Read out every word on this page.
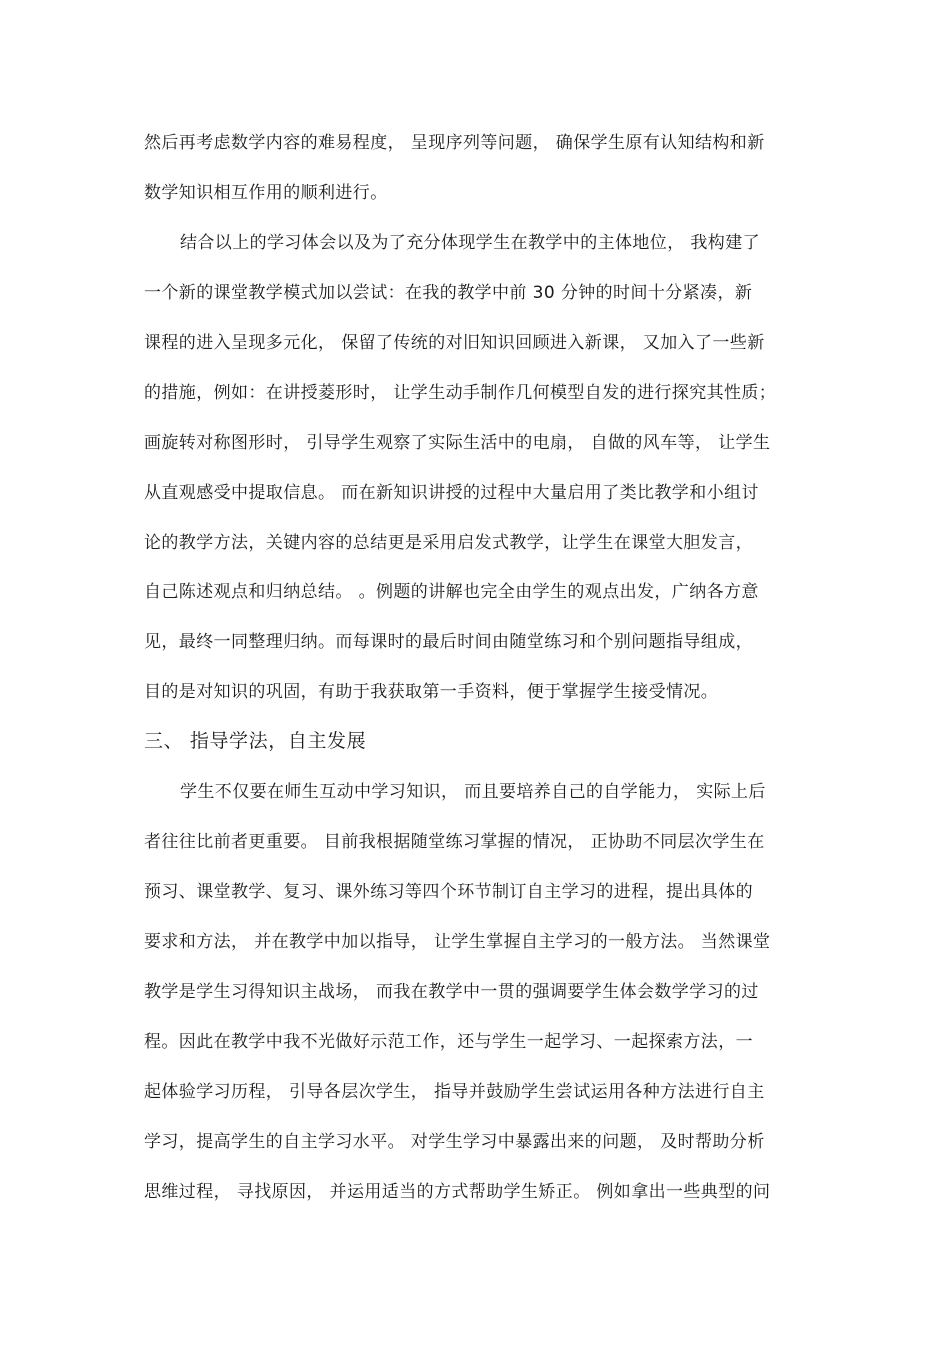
然后再考虑数学内容的难易程度， 呈现序列等问题， 确保学生原有认知结构和新
数学知识相互作用的顺利进行。
结合以上的学习体会以及为了充分体现学生在教学中的主体地位， 我构建了
一个新的课堂教学模式加以尝试：在我的教学中前 30 分钟的时间十分紧凑，新
课程的进入呈现多元化， 保留了传统的对旧知识回顾进入新课， 又加入了一些新
的措施，例如：在讲授菱形时， 让学生动手制作几何模型自发的进行探究其性质；
画旋转对称图形时， 引导学生观察了实际生活中的电扇， 自做的风车等， 让学生
从直观感受中提取信息。 而在新知识讲授的过程中大量启用了类比教学和小组讨
论的教学方法，关键内容的总结更是采用启发式教学，让学生在课堂大胆发言，
自己陈述观点和归纳总结。 。例题的讲解也完全由学生的观点出发，广纳各方意
见，最终一同整理归纳。而每课时的最后时间由随堂练习和个别问题指导组成，
目的是对知识的巩固，有助于我获取第一手资料，便于掌握学生接受情况。
三、 指导学法，自主发展
学生不仅要在师生互动中学习知识， 而且要培养自己的自学能力， 实际上后
者往往比前者更重要。 目前我根据随堂练习掌握的情况， 正协助不同层次学生在
预习、课堂教学、复习、课外练习等四个环节制订自主学习的进程，提出具体的
要求和方法， 并在教学中加以指导， 让学生掌握自主学习的一般方法。 当然课堂
教学是学生习得知识主战场， 而我在教学中一贯的强调要学生体会数学学习的过
程。因此在教学中我不光做好示范工作，还与学生一起学习、一起探索方法，一
起体验学习历程， 引导各层次学生， 指导并鼓励学生尝试运用各种方法进行自主
学习，提高学生的自主学习水平。 对学生学习中暴露出来的问题， 及时帮助分析
思维过程， 寻找原因， 并运用适当的方式帮助学生矫正。 例如拿出一些典型的问
